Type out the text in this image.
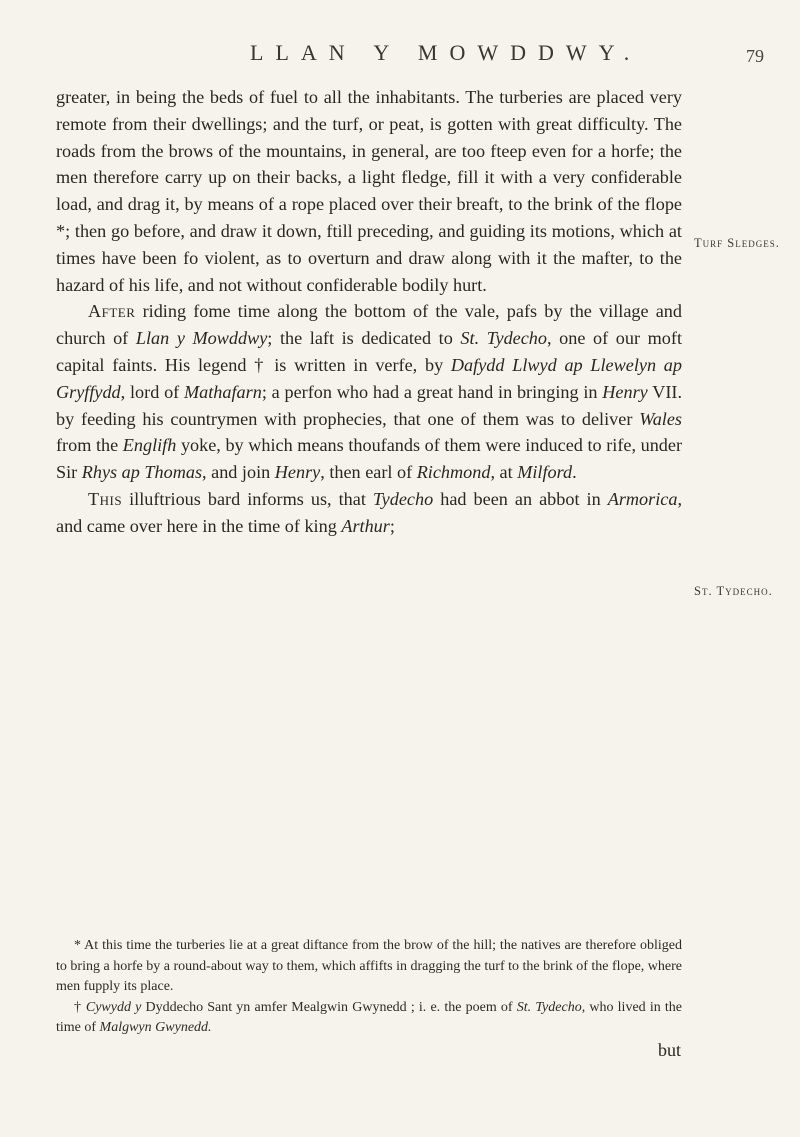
LLAN Y MOWDDWY.	79
Turf Sledges.
St. Tydecho.

greater, in being the beds of fuel to all the inhabitants. The turberies are placed very remote from their dwellings; and the turf, or peat, is gotten with great difficulty. The roads from the brows of the mountains, in general, are too fteep even for a horfe; the men therefore carry up on their backs, a light fledge, fill it with a very confiderable load, and drag it, by means of a rope placed over their breaft, to the brink of the flope *; then go before, and draw it down, ftill preceding, and guiding its motions, which at times have been fo violent, as to overturn and draw along with it the mafter, to the hazard of his life, and not without confiderable bodily hurt.

After riding fome time along the bottom of the vale, pafs by the village and church of Llan y Mowddwy; the laft is dedicated to St. Tydecho, one of our moft capital faints. His legend † is written in verfe, by Dafydd Llwyd ap Llewelyn ap Gryffydd, lord of Mathafarn; a perfon who had a great hand in bringing in Henry VII. by feeding his countrymen with prophecies, that one of them was to deliver Wales from the Englifh yoke, by which means thoufands of them were induced to rife, under Sir Rhys ap Thomas, and join Henry, then earl of Richmond, at Milford.

This illuftrious bard informs us, that Tydecho had been an abbot in Armorica, and came over here in the time of king Arthur;

* At this time the turberies lie at a great diftance from the brow of the hill; the natives are therefore obliged to bring a horfe by a round-about way to them, which affifts in dragging the turf to the brink of the flope, where men fupply its place.

† Cywydd y Dyddecho Sant yn amfer Mealgwin Gwynedd ; i. e. the poem of St. Tydecho, who lived in the time of Malgwyn Gwynedd.

but
